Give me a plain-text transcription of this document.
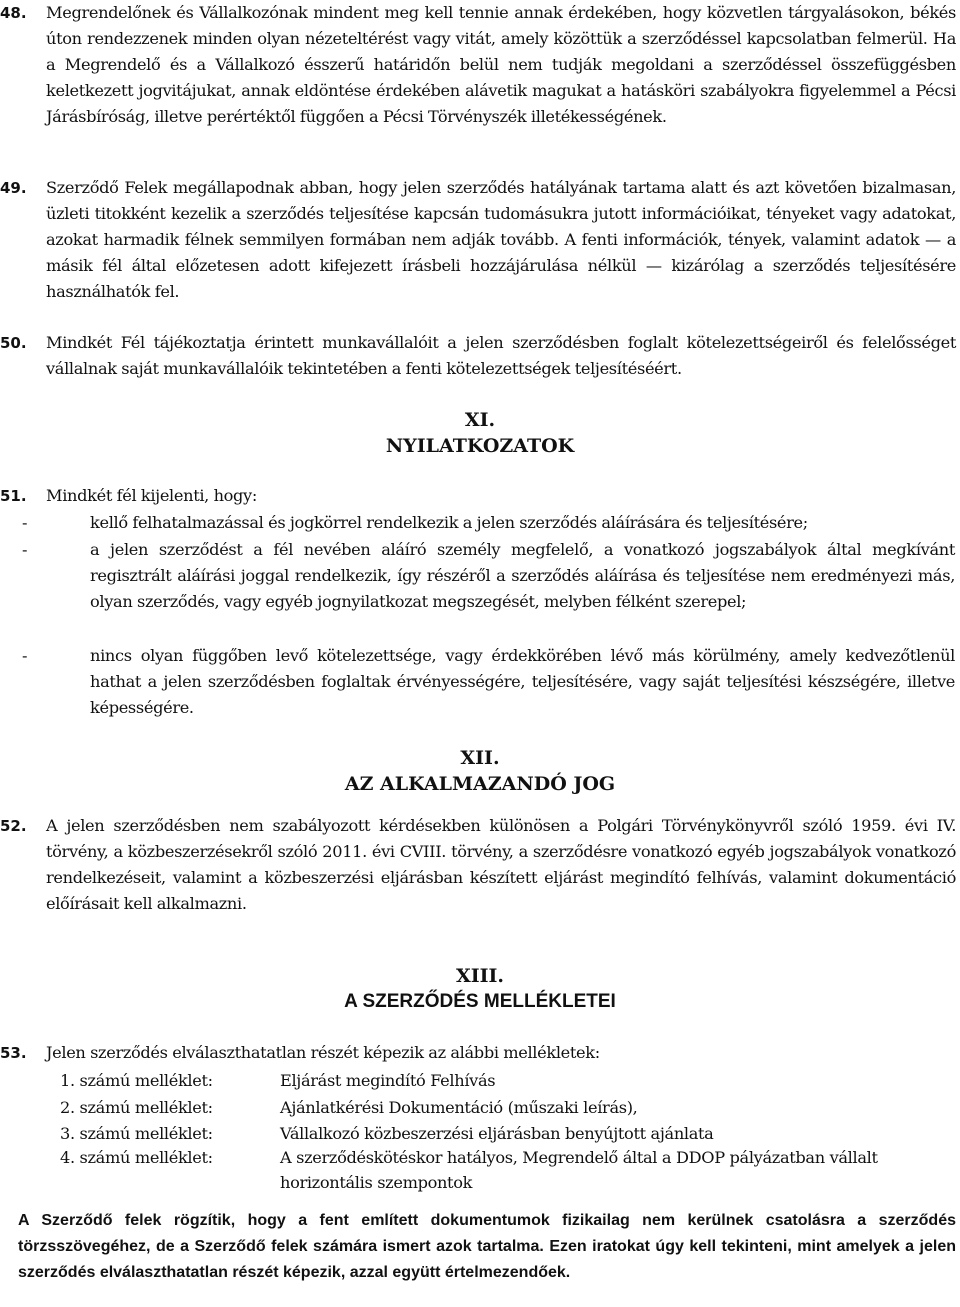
48.	Megrendelőnek és Vállalkozónak mindent meg kell tennie annak érdekében, hogy közvetlen tárgyalásokon, békés úton rendezzenek minden olyan nézeteltérést vagy vitát, amely közöttük a szerződéssel kapcsolatban felmerül. Ha a Megrendelő és a Vállalkozó ésszerű határidőn belül nem tudják megoldani a szerződéssel összefüggésben keletkezett jogvitájukat, annak eldöntése érdekében alávetik magukat a hatásköri szabályokra figyelemmel a Pécsi Járásbíróság, illetve perértéktől függően a Pécsi Törvényszék illetékességének.
49.	Szerződő Felek megállapodnak abban, hogy jelen szerződés hatályának tartama alatt és azt követően bizalmasan, üzleti titokként kezelik a szerződés teljesítése kapcsán tudomásukra jutott információikat, tényeket vagy adatokat, azokat harmadik félnek semmilyen formában nem adják tovább. A fenti információk, tények, valamint adatok — a másik fél által előzetesen adott kifejezett írásbeli hozzájárulása nélkül — kizárólag a szerződés teljesítésére használhatók fel.
50.	Mindkét Fél tájékoztatja érintett munkavállalóit a jelen szerződésben foglalt kötelezettségeiről és felelősséget vállalnak saját munkavállalóik tekintetében a fenti kötelezettségek teljesítéséért.
XI.
NYILATKOZATOK
51.	Mindkét fél kijelenti, hogy:
-	kellő felhatalmazással és jogkörrel rendelkezik a jelen szerződés aláírására és teljesítésére;
-	a jelen szerződést a fél nevében aláíró személy megfelelő, a vonatkozó jogszabályok által megkívánt regisztrált aláírási joggal rendelkezik, így részéről a szerződés aláírása és teljesítése nem eredményezi más, olyan szerződés, vagy egyéb jognyilatkozat megszegését, melyben félként szerepel;
-	nincs olyan függőben levő kötelezettsége, vagy érdekkörében lévő más körülmény, amely kedvezőtlenül hathat a jelen szerződésben foglaltak érvényességére, teljesítésére, vagy saját teljesítési készségére, illetve képességére.
XII.
AZ ALKALMAZANDÓ JOG
52.	A jelen szerződésben nem szabályozott kérdésekben különösen a Polgári Törvénykönyvről szóló 1959. évi IV. törvény, a közbeszerzésekről szóló 2011. évi CVIII. törvény, a szerződésre vonatkozó egyéb jogszabályok vonatkozó rendelkezéseit, valamint a közbeszerzési eljárásban készített eljárást megindító felhívás, valamint dokumentáció előírásait kell alkalmazni.
XIII.
A SZERZŐDÉS MELLÉKLETEI
53.	Jelen szerződés elválaszthatatlan részét képezik az alábbi mellékletek:
1. számú melléklet:	Eljárást megindító Felhívás
2. számú melléklet:	Ajánlatkérési Dokumentáció (műszaki leírás),
3. számú melléklet:	Vállalkozó közbeszerzési eljárásban benyújtott ajánlata
4. számú melléklet:	A szerződéskötéskor hatályos, Megrendelő által a DDOP pályázatban vállalt horizontális szempontok
A Szerződő felek rögzítik, hogy a fent említett dokumentumok fizikailag nem kerülnek csatolásra a szerződés törzsszövegéhez, de a Szerződő felek számára ismert azok tartalma. Ezen iratokat úgy kell tekinteni, mint amelyek a jelen szerződés elválaszthatatlan részét képezik, azzal együtt értelmezendőek.
